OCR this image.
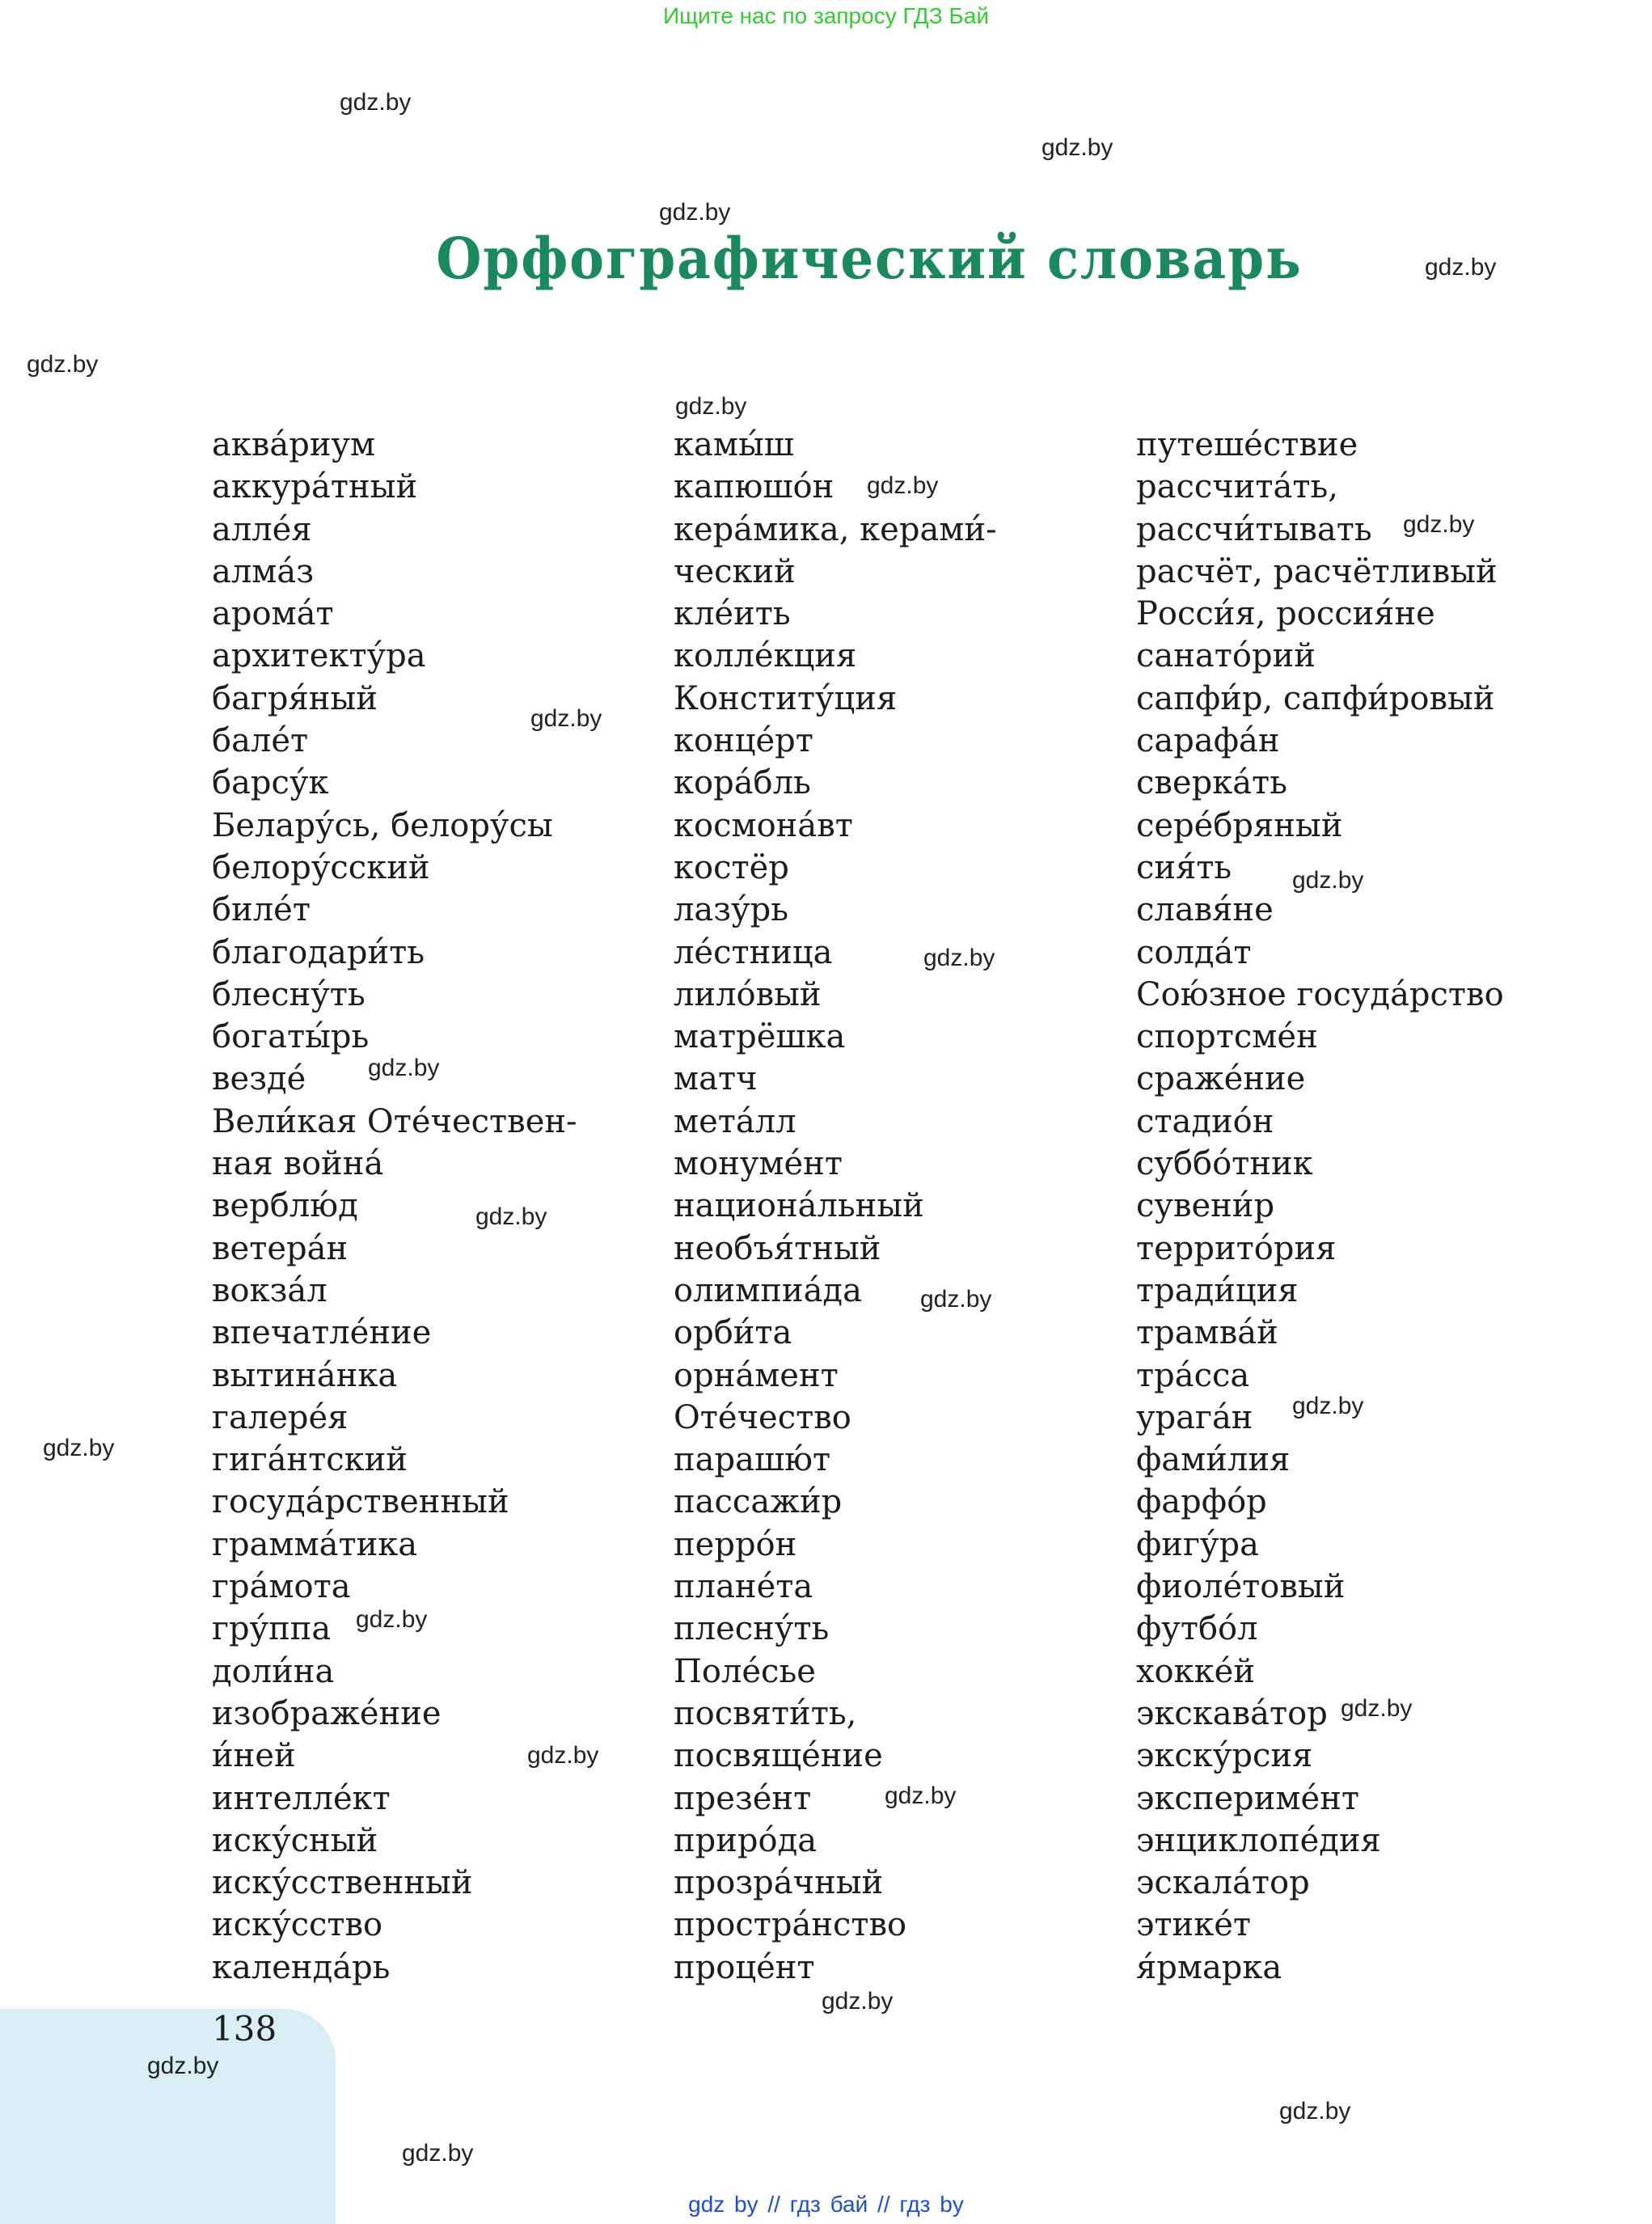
Ищите нас по запросу ГДЗ Бай
Орфографический словарь
аква́риум
аккура́тный
алле́я
алма́з
арома́т
архитекту́ра
багря́ный
бале́т
барсу́к
Белару́сь, белору́сы
белору́сский
биле́т
благодари́ть
блесну́ть
богаты́рь
везде́
Вели́кая Оте́чествен-
ная война́
верблю́д
ветера́н
вокза́л
впечатле́ние
вытина́нка
галере́я
гига́нтский
госуда́рственный
грамма́тика
гра́мота
гру́ппа
доли́на
изображе́ние
и́ней
интелле́кт
иску́сный
иску́сственный
иску́сство
календа́рь
камы́ш
капюшо́н
кера́мика, керами́-
ческий
кле́ить
колле́кция
Конститу́ция
конце́рт
кора́бль
космона́вт
костёр
лазу́рь
ле́стница
лило́вый
матрёшка
матч
мета́лл
монуме́нт
национа́льный
необъя́тный
олимпиа́да
орби́та
орна́мент
Оте́чество
парашю́т
пассажи́р
перро́н
плане́та
плесну́ть
Поле́сье
посвяти́ть,
посвяще́ние
презе́нт
приро́да
прозра́чный
простра́нство
проце́нт
путеше́ствие
рассчита́ть,
рассчи́тывать
расчёт, расчётливый
Росси́я, россия́не
санато́рий
сапфи́р, сапфи́ровый
сарафа́н
сверка́ть
сере́бряный
сия́ть
славя́не
солда́т
Сою́зное госуда́рство
спортсме́н
сраже́ние
стадио́н
суббо́тник
сувени́р
террито́рия
тради́ция
трамва́й
тра́сса
урага́н
фами́лия
фарфо́р
фигу́ра
фиоле́товый
футбо́л
хокке́й
экскава́тор
экску́рсия
экспериме́нт
энциклопе́дия
эскала́тор
этике́т
я́рмарка
138
gdz.by
gdz.by
gdz.by
gdz.by
gdz.by
gdz.by
gdz.by
gdz.by
gdz.by
gdz.by
gdz.by
gdz.by
gdz.by
gdz.by
gdz.by
gdz.by
gdz.by
gdz.by
gdz.by
gdz.by
gdz.by
gdz.by
gdz.by
gdz.by
gdz by // гдз бай // гдз by
